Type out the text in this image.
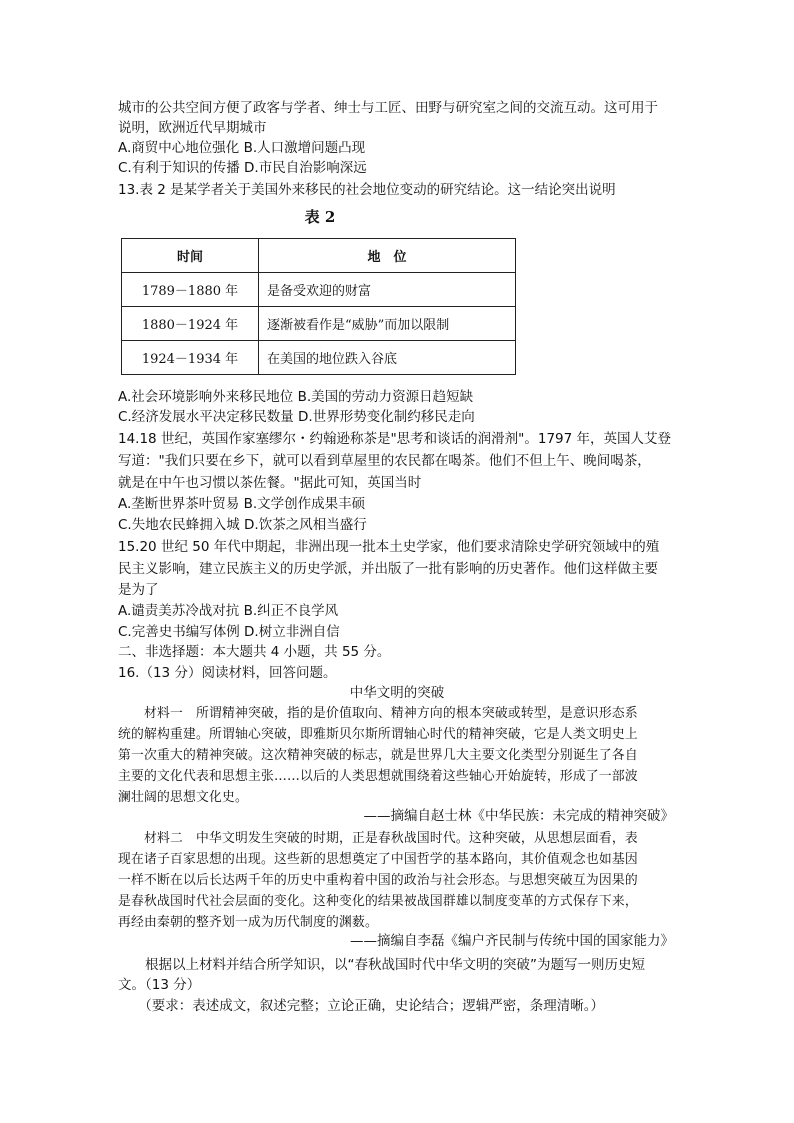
城市的公共空间方便了政客与学者、绅士与工匠、田野与研究室之间的交流互动。这可用于
说明，欧洲近代早期城市
A.商贸中心地位强化 B.人口激增问题凸现
C.有利于知识的传播 D.市民自治影响深远
13.表 2 是某学者关于美国外来移民的社会地位变动的研究结论。这一结论突出说明
表 2
时间	地　位
1789－1880 年	是备受欢迎的财富
1880－1924 年	逐渐被看作是“威胁”而加以限制
1924－1934 年	在美国的地位跌入谷底
A.社会环境影响外来移民地位 B.美国的劳动力资源日趋短缺
C.经济发展水平决定移民数量 D.世界形势变化制约移民走向
14.18 世纪，英国作家塞缪尔・约翰逊称茶是"思考和谈话的润滑剂"。1797 年，英国人艾登
写道："我们只要在乡下，就可以看到草屋里的农民都在喝茶。他们不但上午、晚间喝茶，
就是在中午也习惯以茶佐餐。"据此可知，英国当时
A.垄断世界茶叶贸易 B.文学创作成果丰硕
C.失地农民蜂拥入城 D.饮茶之风相当盛行
15.20 世纪 50 年代中期起，非洲出现一批本土史学家，他们要求清除史学研究领域中的殖
民主义影响，建立民族主义的历史学派，并出版了一批有影响的历史著作。他们这样做主要
是为了
A.谴责美苏冷战对抗 B.纠正不良学风
C.完善史书编写体例 D.树立非洲自信
二、非选择题：本大题共 4 小题，共 55 分。
16.（13 分）阅读材料，回答问题。
中华文明的突破
　　材料一　所谓精神突破，指的是价值取向、精神方向的根本突破或转型，是意识形态系
统的解构重建。所谓轴心突破，即雅斯贝尔斯所谓轴心时代的精神突破，它是人类文明史上
第一次重大的精神突破。这次精神突破的标志，就是世界几大主要文化类型分别诞生了各自
主要的文化代表和思想主张……以后的人类思想就围绕着这些轴心开始旋转，形成了一部波
澜壮阔的思想文化史。
——摘编自赵士林《中华民族：未完成的精神突破》
　　材料二　中华文明发生突破的时期，正是春秋战国时代。这种突破，从思想层面看，表
现在诸子百家思想的出现。这些新的思想奠定了中国哲学的基本路向，其价值观念也如基因
一样不断在以后长达两千年的历史中重构着中国的政治与社会形态。与思想突破互为因果的
是春秋战国时代社会层面的变化。这种变化的结果被战国群雄以制度变革的方式保存下来，
再经由秦朝的整齐划一成为历代制度的渊薮。
——摘编自李磊《编户齐民制与传统中国的国家能力》
　　根据以上材料并结合所学知识，以“春秋战国时代中华文明的突破”为题写一则历史短
文。（13 分）
　　（要求：表述成文，叙述完整；立论正确，史论结合；逻辑严密，条理清晰。）
